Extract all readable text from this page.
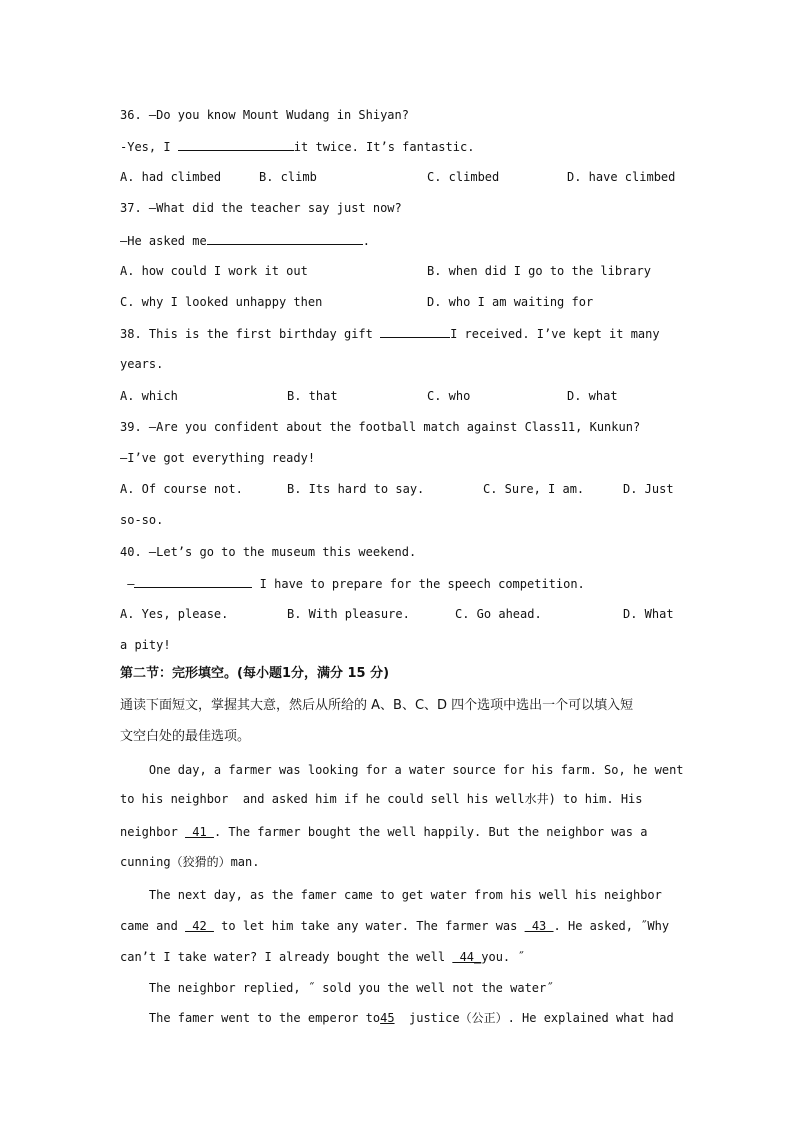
36. —Do you know Mount Wudang in Shiyan?
-Yes, I	it twice. It’s fantastic.
A. had climbed	B. climb	C. climbed	D. have climbed
37. —What did the teacher say just now?
—He asked me	.
A. how could I work it out	B. when did I go to the library
C. why I looked unhappy then	D. who I am waiting for
38. This is the first birthday gift	I received. I’ve kept it many
years.
A. which	B. that	C. who	D. what
39. —Are you confident about the football match against Class11, Kunkun?
—I’ve got everything ready!
A. Of course not.	B. Its hard to say.	C. Sure, I am.	D. Just
so-so.
40. —Let’s go to the museum this weekend.
—	I have to prepare for the speech competition.
A. Yes, please.	B. With pleasure.	C. Go ahead.	D. What
a pity!
第二节：完形填空。(每小题1分，满分 15 分)
通读下面短文，掌握其大意，然后从所给的 A、B、C、D 四个选项中选出一个可以填入短
文空白处的最佳选项。
One day, a farmer was looking for a water source for his farm. So, he went
to his neighbor  and asked him if he could sell his well水井) to him. His
neighbor  41 . The farmer bought the well happily. But the neighbor was a
cunning（狡猾的）man.
The next day, as the famer came to get water from his well his neighbor
came and  42  to let him take any water. The farmer was  43 . He asked, ˝Why
can’t I take water? I already bought the well  44_you. ˝
The neighbor replied, ˝ sold you the well not the water˝
The famer went to the emperor to45  justice（公正）. He explained what had
